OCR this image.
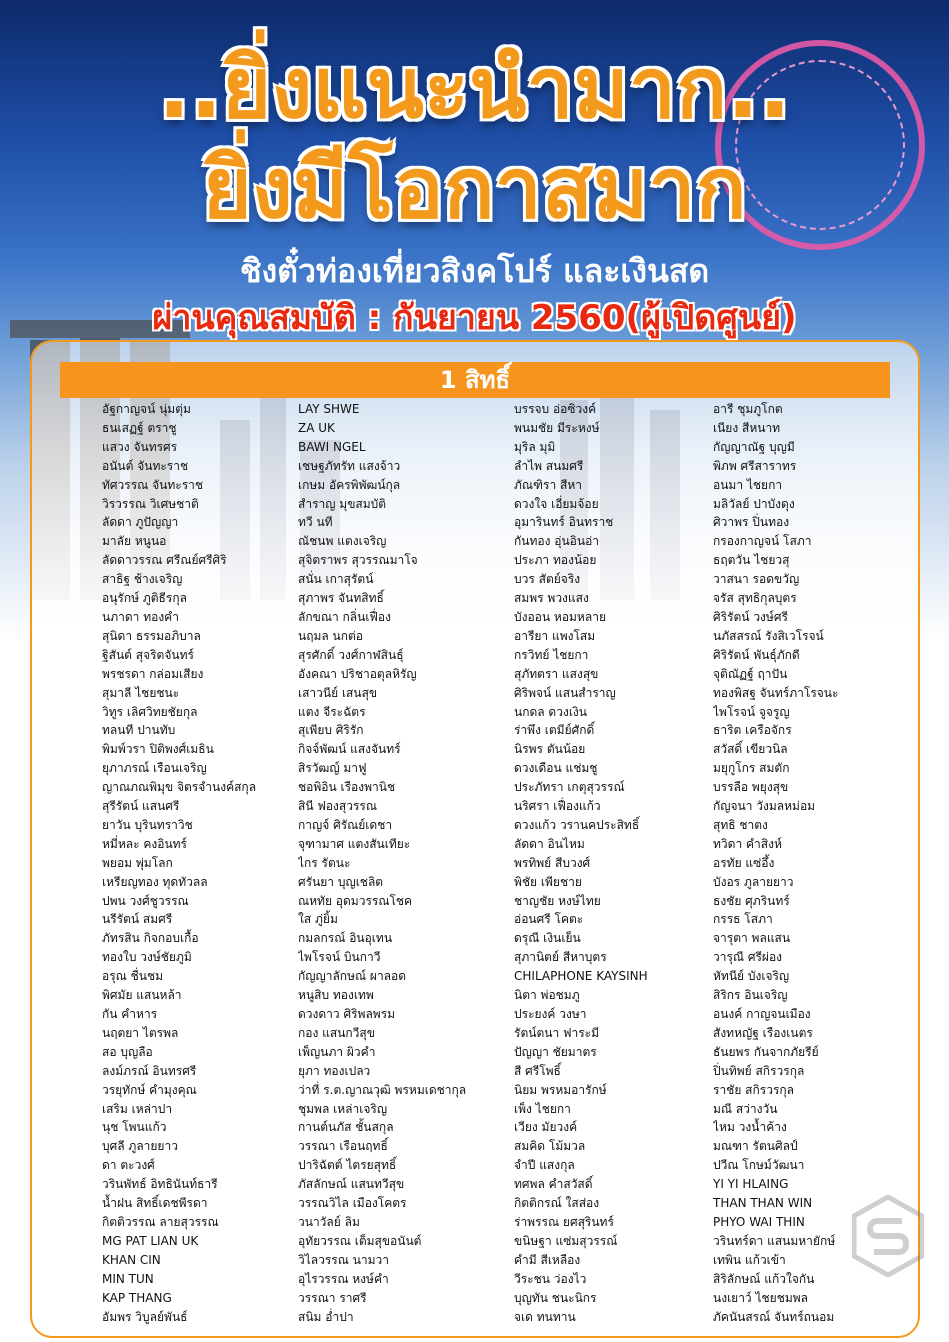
..ยิ่งแนะนำมาก..
ยิ่งมีโอกาสมาก

ชิงตั๋วท่องเที่ยวสิงคโปร์ และเงินสด

ผ่านคุณสมบัติ : กันยายน 2560(ผู้เปิดศูนย์)

1 สิทธิ์
อัฐกาญจน์ นุ่มตุ่ม
ธนเสฏฐ์ ตราชู
แสวง จันทรศร
อนันต์ จันทะราช
ทัศวรรณ จันทะราช
วิรวรรณ วิเศษชาติ
ลัดดา ภูปัญญา
มาลัย หนูนอ
ลัดดาวรรณ ศรีณย์ศรีศิริ
สาธิฐ ช้างเจริญ
อนุรักษ์ ภูติธีรกุล
นภาดา ทองคำ
สุนิดา ธรรมอภิบาล
ฐิสันต์ สุจริตจันทร์
พรชรดา กล่อมเสียง
สุมาลี ไชยชนะ
วิทูร เลิศวิทยชัยกุล
ทลนที ปานทับ
พิมพ์วรา ปิติพงศ์เมธิน
ยุภาภรณ์ เรือนเจริญ
ญาณภณพิมุข จิตรจำนงค์สกุล
สุรีรัตน์ แสนศรี
ยาวัน บุรินทราวิช
หมี่หละ คงอินทร์
พยอม พุ่มโลก
เหรียญทอง ทุดทัวลล
ปพน วงศ์ชูวรรณ
นรีรัตน์ สมศรี
ภัทรสิน กิจกอบเกื้อ
ทองใบ วงษ์ชัยภูมิ
อรุณ ชื่นชม
พิศมัย แสนหล้า
กัน คำหาร
นฤตยา ไตรพล
สอ บุญลือ
ลงม์ภรณ์ อินทรศรี
วรยุทักษ์ คำมุงคุณ
เสริม เหล่าปา
นุช โพนแก้ว
บุศลี ภูลายยาว
ดา ตะวงศ์
วรินพัทธ์ อิทธินันท์ธารี
น้ำฝน สิทธิ์เดชพีรดา
กิตติวรรณ ลายสุวรรณ
MG PAT LIAN UK
KHAN CIN
MIN TUN
KAP THANG
อัมพร วิบูลย์พันธ์
LAY SHWE
ZA UK
BAWI NGEL
เชษฐภัทรัท แสงจ้าว
เกษม อัครพิพัฒน์กุล
สำราญ มุขสมบัติ
ทวี นที
ณัชนพ แตงเจริญ
สุจิตราพร สุวรรณมาโจ
สนั่น เกาสุรัตน์
สุภาพร จันทสิทธิ์
ลักขณา กลิ่นเฟื่อง
นฤมล นกต่อ
สุรศักดิ์ วงศ์กาฬสินธุ์
อังคณา ปริชาอตุลหิรัญ
เสาวนีย์ เสนสุข
แตง จีระฉัตร
สุเพียบ ศิริรัก
กิจจ์พัฒน์ แสงจันทร์
สิรวัฒญ์ มาฟู
ชอพิอิน เรืองพานิช
สินี ฟองสุวรรณ
กาญจ์ ศิรัณย์เดชา
จุฑามาศ แตงสันเทียะ
ไกร รัตนะ
ศรันยา บุญเชลิต
ณหทัย อุดมวรรณโชค
ใส ภู่ยิ้ม
กมลกรณ์ อินอุเทน
ไพโรจน์ บินกาวี
กัญญาลักษณ์ ผาลอด
หนูสิบ ทองเทพ
ดวงดาว ศิริพลพรม
กอง แสนกวีสุข
เพ็ญนภา ผิวคำ
ยุภา ทองเปลว
ว่าที่ ร.ต.ญาณวุฒิ พรหมเดชากุล
ชุมพล เหล่าเจริญ
กานต์นภัส ชั้นสกุล
วรรณา เรือนฤทธิ์
ปาริฉัตต์ ไตรยสุทธิ์
ภัสลักษณ์ แสนทวีสุข
วรรณวิไล เมืองโคตร
วนาวัลย์ ลิม
อุทัยวรรณ เต็มสุขอนันต์
วิไลวรรณ นามวา
อุไรวรรณ หงษ์คำ
วรรณา ราศรี
สนิม อ่ำปา
บรรจบ อ่อซิวงค์
พนมชัย มีระหงษ์
มุริล มุมิ
ลำไพ สนมศรี
ภัณฑิรา สีหา
ดวงใจ เอี่ยมจ้อย
อุมารินทร์ อินทราช
กันทอง อุ่นอินอ่า
ประภา ทองน้อย
บวร สัตย์จริง
สมพร พวงแสง
บังออน หอมหลาย
อารียา แพงโสม
กรวิทย์ ไชยกา
สุภัทตรา แสงสุข
ศิริพจน์ แสนสำราญ
นกดล ดวงเงิน
ร่าพึง เตมีย์ศักดิ์
นิรพร ตันน้อย
ดวงเดือน แช่มชู
ประภัทรา เกตุสุวรรณ์
นริศรา เฟื่องแก้ว
ดวงแก้ว วรานคประสิทธิ์
ลัดดา อินไหม
พรทิพย์ สีบวงศ์
พิชัย เพียชาย
ชาญชัย หงษ์ไทย
อ่อนศรี โคตะ
ดรุณี เงินเย็น
สุภานิตย์ สีหาบุตร
CHILAPHONE KAYSINH
นิตา พ่อชมภู
ประยงค์ วงษา
รัตน์ตนา ฟาระมี
ปัญญา ชัยมาตร
สี ศรีโพธิ์
นิยม พรหมอารักษ์
เพ็ง ไชยกา
เวียง มัยวงค์
สมคิด โม้มวล
จำปี แสงกุล
ทศพล คำสวัสดิ์
กิตติกรณ์ ใสส่อง
ร่าพรรณ ยศสุรินทร์
ขนิษฐา แซ่มสุวรรณ์
คำมี สีเหลือง
วีระชน ว่องไว
บุญทัน ชนะนิกร
จเด ทนทาน
อารี ชุมภูโกต
เนียง สีหนาท
กัญญาณัฐ บุญมี
พิภพ ศรีสาราทร
อนมา ไชยกา
มลิวัลย์ ปาบังดุง
ศิวาพร ปิ่นทอง
กรองกาญจน์ โสภา
ธฤตวัน ไชยวสุ
วาสนา รอดขวัญ
จรัส สุทธิกุลบุตร
ศิริรัตน์ วงษ์ศรี
นภัสสรณ์ รังสิเวโรจน์
ศิริรัตน์ พันธุ์ภักดี
จุติณัฏฐ์ ฤาปัน
ทองพิสฐ จันทร์ภาโรจนะ
ไพโรจน์ จูจรูญ
ธาริต เครือจักร
สวัสดิ์ เขียวนิล
มยุกูโกร สมตัก
บรรลือ พยุงสุข
กัญจนา วังมลหม่อม
สุทธิ ชาตง
ทวิดา คำสิงห์
อรทัย แซ่อึ้ง
บังอร ภูลายยาว
ธงชัย ศุภรินทร์
กรรธ โสภา
จารุตา พลแสน
วารุณี ศรีผ่อง
หัทนีย์ บังเจริญ
สิริกร อินเจริญ
อนงค์ กาญจนเมือง
สังทหญัฐ เรืองเนตร
ธันยพร กันจากภัยรีย์
ปิ่นทิพย์ สกิรวรกุล
ราชัย สกิรวรกุล
มณี สว่างวัน
ไหม วงน้ำค้าง
มณฑา รัตนศิลป์
ปวีณ โกษม์วัฒนา
YI YI HLAING
THAN THAN WIN
PHYO WAI THIN
วรินทร์ดา แสนมหายักษ์
เทพิน แก้วเข้า
สิริลักษณ์ แก้วใจกัน
นงเยาว์ ไชยชมพล
ภัคนันสรณ์ จันทร์ถนอม
